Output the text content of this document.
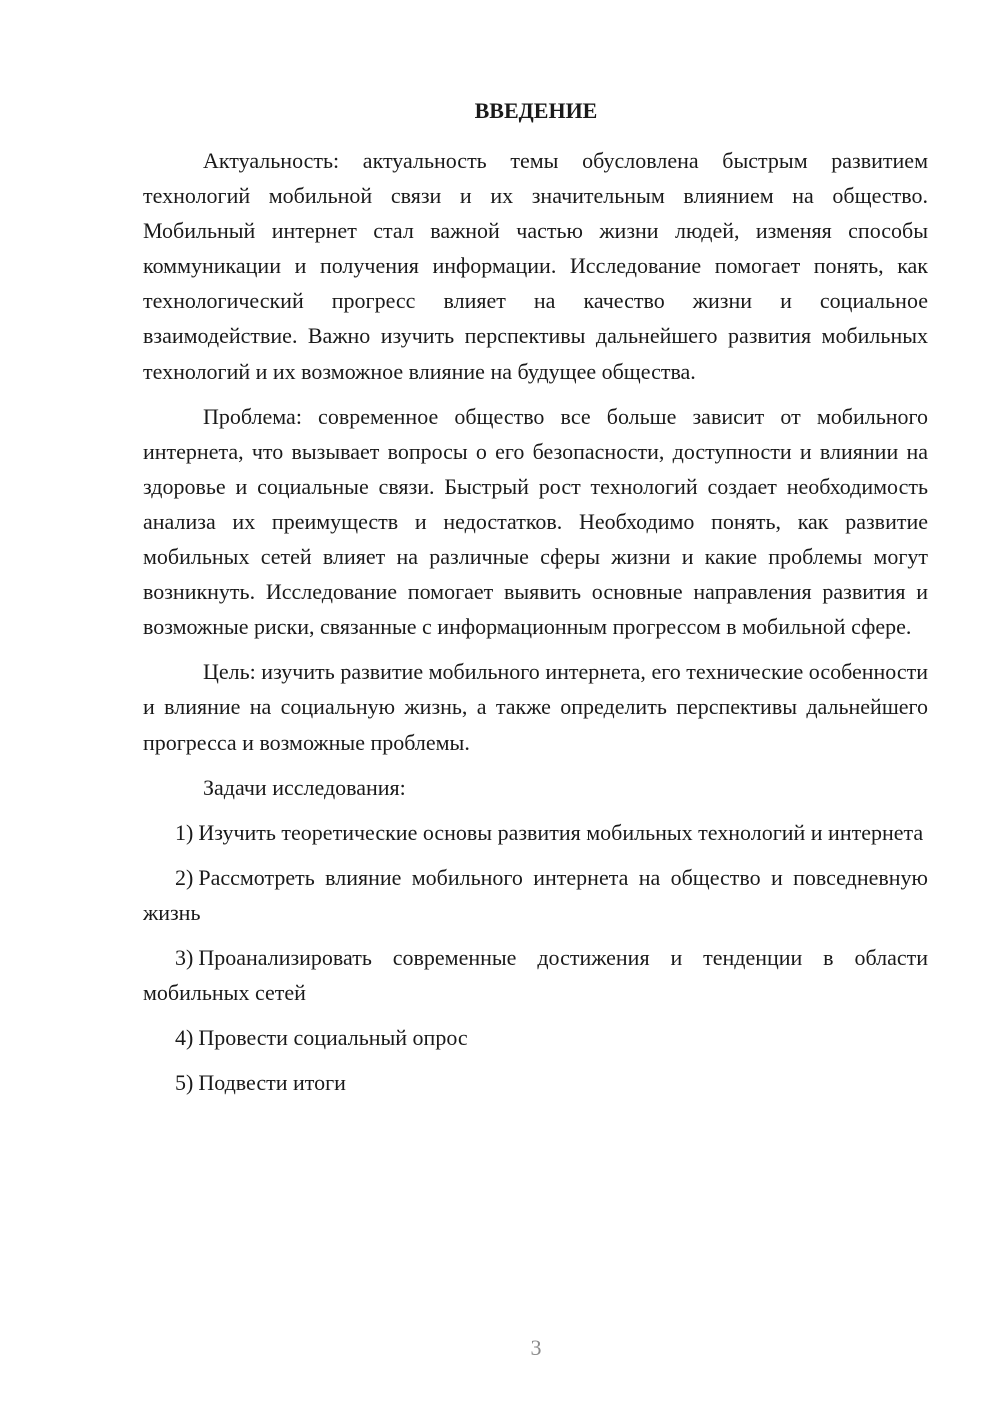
ВВЕДЕНИЕ

Актуальность: актуальность темы обусловлена быстрым развитием технологий мобильной связи и их значительным влиянием на общество. Мобильный интернет стал важной частью жизни людей, изменяя способы коммуникации и получения информации. Исследование помогает понять, как технологический прогресс влияет на качество жизни и социальное взаимодействие. Важно изучить перспективы дальнейшего развития мобильных технологий и их возможное влияние на будущее общества.

Проблема: современное общество все больше зависит от мобильного интернета, что вызывает вопросы о его безопасности, доступности и влиянии на здоровье и социальные связи. Быстрый рост технологий создает необходимость анализа их преимуществ и недостатков. Необходимо понять, как развитие мобильных сетей влияет на различные сферы жизни и какие проблемы могут возникнуть. Исследование помогает выявить основные направления развития и возможные риски, связанные с информационным прогрессом в мобильной сфере.

Цель: изучить развитие мобильного интернета, его технические особенности и влияние на социальную жизнь, а также определить перспективы дальнейшего прогресса и возможные проблемы.

Задачи исследования:

1) Изучить теоретические основы развития мобильных технологий и интернета

2) Рассмотреть влияние мобильного интернета на общество и повседневную жизнь

3) Проанализировать современные достижения и тенденции в области мобильных сетей

4) Провести социальный опрос

5) Подвести итоги

3
